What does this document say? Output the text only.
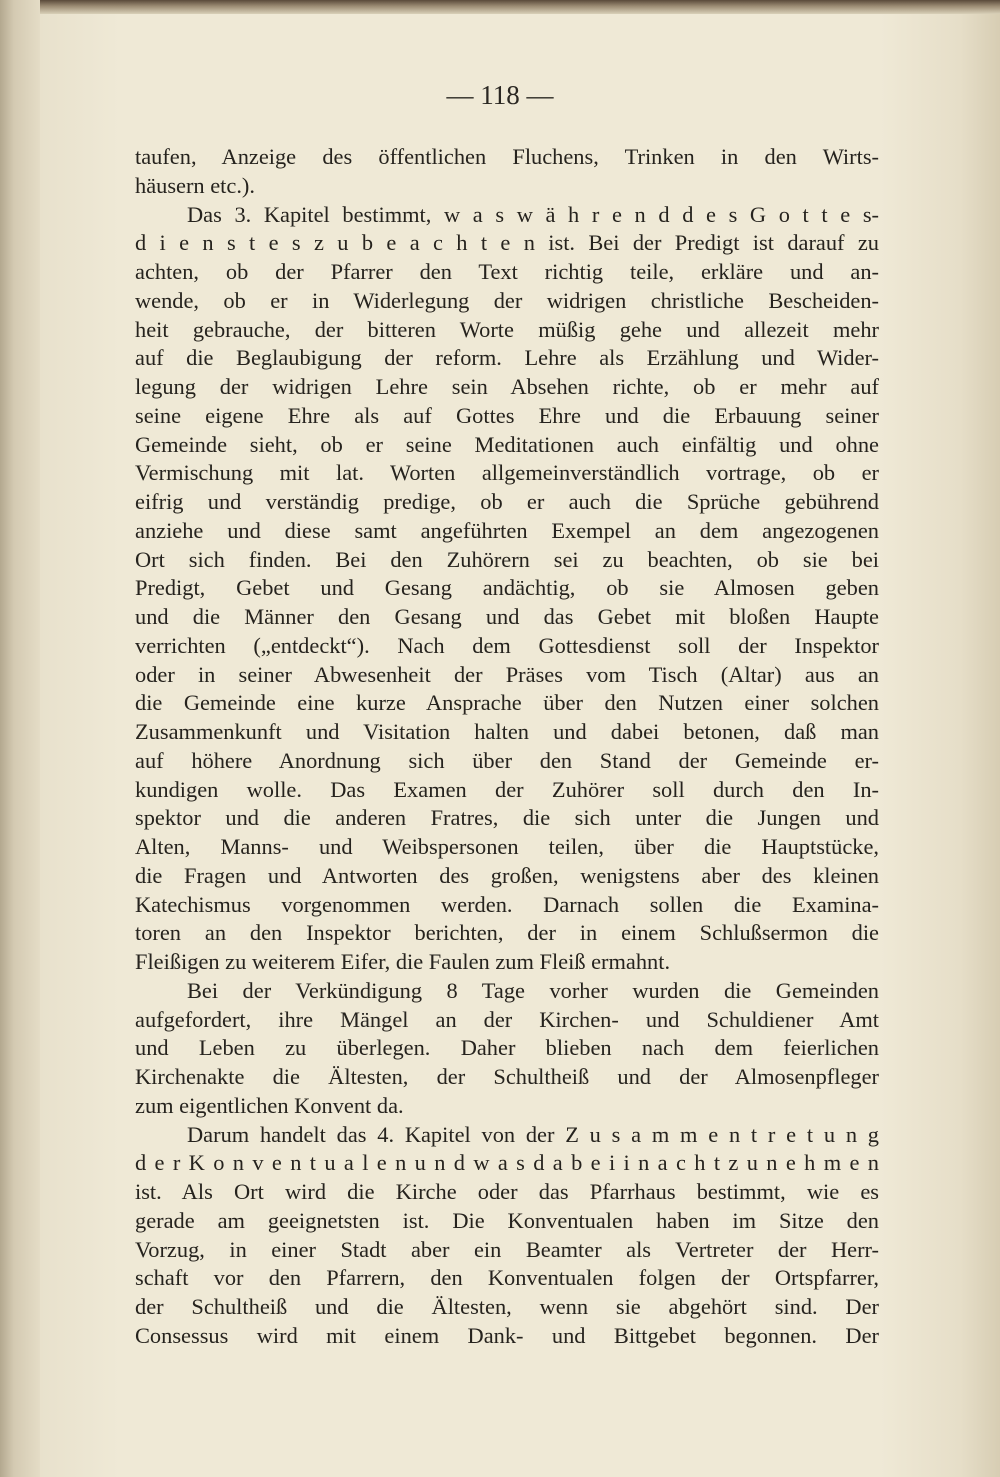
— 118 —
taufen, Anzeige des öffentlichen Fluchens, Trinken in den Wirts-
häusern etc.).
Das 3. Kapitel bestimmt, w a s w ä h r e n d d e s G o t t e s-
d i e n s t e s z u b e a c h t e n ist. Bei der Predigt ist darauf zu
achten, ob der Pfarrer den Text richtig teile, erkläre und an-
wende, ob er in Widerlegung der widrigen christliche Bescheiden-
heit gebrauche, der bitteren Worte müßig gehe und allezeit mehr
auf die Beglaubigung der reform. Lehre als Erzählung und Wider-
legung der widrigen Lehre sein Absehen richte, ob er mehr auf
seine eigene Ehre als auf Gottes Ehre und die Erbauung seiner
Gemeinde sieht, ob er seine Meditationen auch einfältig und ohne
Vermischung mit lat. Worten allgemeinverständlich vortrage, ob er
eifrig und verständig predige, ob er auch die Sprüche gebührend
anziehe und diese samt angeführten Exempel an dem angezogenen
Ort sich finden. Bei den Zuhörern sei zu beachten, ob sie bei
Predigt, Gebet und Gesang andächtig, ob sie Almosen geben
und die Männer den Gesang und das Gebet mit bloßen Haupte
verrichten („entdeckt“). Nach dem Gottesdienst soll der Inspektor
oder in seiner Abwesenheit der Präses vom Tisch (Altar) aus an
die Gemeinde eine kurze Ansprache über den Nutzen einer solchen
Zusammenkunft und Visitation halten und dabei betonen, daß man
auf höhere Anordnung sich über den Stand der Gemeinde er-
kundigen wolle. Das Examen der Zuhörer soll durch den In-
spektor und die anderen Fratres, die sich unter die Jungen und
Alten, Manns- und Weibspersonen teilen, über die Hauptstücke,
die Fragen und Antworten des großen, wenigstens aber des kleinen
Katechismus vorgenommen werden. Darnach sollen die Examina-
toren an den Inspektor berichten, der in einem Schlußsermon die
Fleißigen zu weiterem Eifer, die Faulen zum Fleiß ermahnt.
Bei der Verkündigung 8 Tage vorher wurden die Gemeinden
aufgefordert, ihre Mängel an der Kirchen- und Schuldiener Amt
und Leben zu überlegen. Daher blieben nach dem feierlichen
Kirchenakte die Ältesten, der Schultheiß und der Almosenpfleger
zum eigentlichen Konvent da.
Darum handelt das 4. Kapitel von der Z u s a m m e n t r e t u n g
d e r K o n v e n t u a l e n u n d w a s d a b e i i n a c h t z u n e h m e n
ist. Als Ort wird die Kirche oder das Pfarrhaus bestimmt, wie es
gerade am geeignetsten ist. Die Konventualen haben im Sitze den
Vorzug, in einer Stadt aber ein Beamter als Vertreter der Herr-
schaft vor den Pfarrern, den Konventualen folgen der Ortspfarrer,
der Schultheiß und die Ältesten, wenn sie abgehört sind. Der
Consessus wird mit einem Dank- und Bittgebet begonnen. Der
